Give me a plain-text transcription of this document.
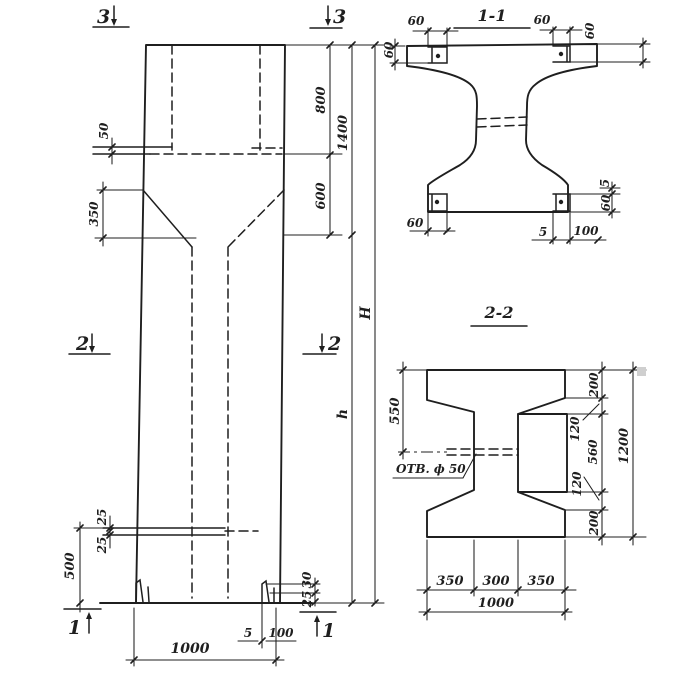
50
350
800
600
1400
H
h
25
25
500
30
25
5 100
1000
3	3
2	2
1	1
1-1
60	60
60
60
60
5 100
5
60
2-2
ОТВ. ф 50
550
200
120
560
120
200
1200
350 300 350
1000
